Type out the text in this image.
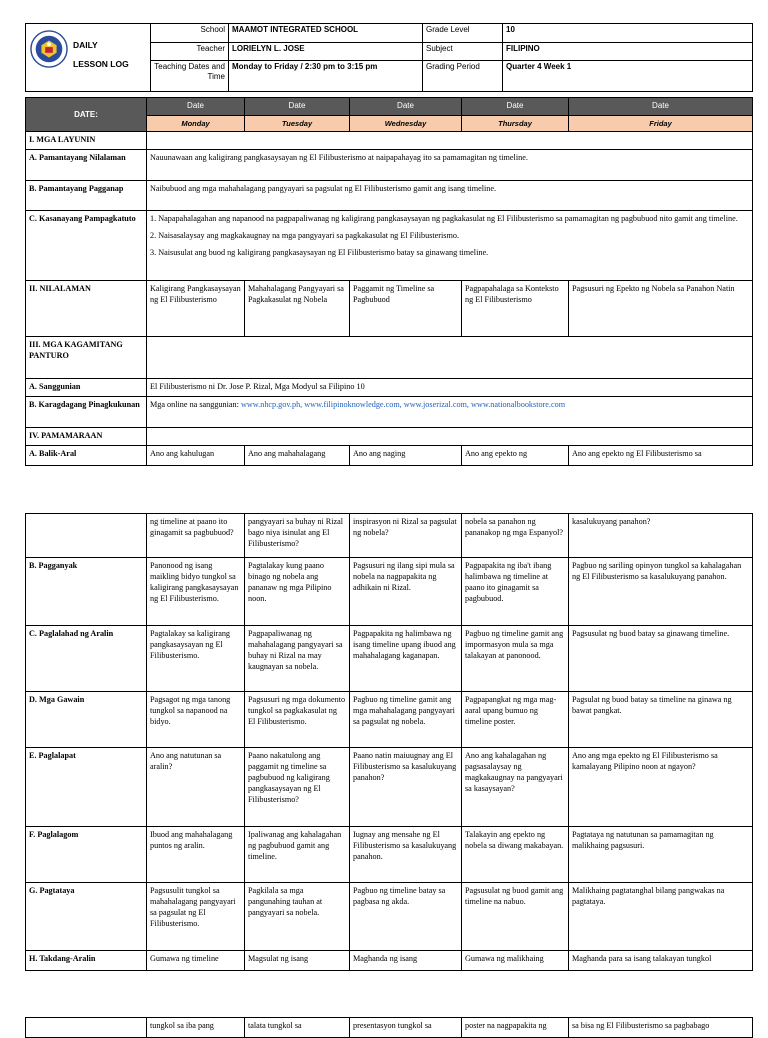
DAILY
LESSON LOG	School	MAAMOT INTEGRATED SCHOOL	Grade Level	10
	Teacher	LORIELYN L. JOSE	Subject	FILIPINO
	Teaching Dates and Time	Monday to Friday / 2:30 pm to 3:15 pm	Grading Period	Quarter 4 Week 1
DATE:	Date	Date	Date	Date	Date
	Monday	Tuesday	Wednesday	Thursday	Friday
I. MGA LAYUNIN					
A. Pamantayang Nilalaman	Nauunawaan ang kaligirang pangkasaysayan ng El Filibusterismo at naipapahayag ito sa pamamagitan ng timeline.				
B. Pamantayang Pagganap	Naibubuod ang mga mahahalagang pangyayari sa pagsulat ng El Filibusterismo gamit ang isang timeline.				
C. Kasanayang Pampagkatuto	1. Napapahalagahan ang napanood na pagpapaliwanag ng kaligirang pangkasaysayan ng pagkakasulat ng El Filibusterismo sa pamamagitan ng pagbubuod nito gamit ang timeline.

2. Naisasalaysay ang magkakaugnay na mga pangyayari sa pagkakasulat ng El Filibusterismo.

3. Naisusulat ang buod ng kaligirang pangkasaysayan ng El Filibusterismo batay sa ginawang timeline.				

II. NILALAMAN	Kaligirang Pangkasaysayan ng El Filibusterismo	Mahahalagang Pangyayari sa Pagkakasulat ng Nobela	Paggamit ng Timeline sa Pagbubuod	Pagpapahalaga sa Konteksto ng El Filibusterismo	Pagsusuri ng Epekto ng Nobela sa Panahon Natin
III. MGA KAGAMITANG PANTURO					
A. Sanggunian	El Filibusterismo ni Dr. Jose P. Rizal, Mga Modyul sa Filipino 10				
B. Karagdagang Pinagkukunan	Mga online na sanggunian: www.nhcp.gov.ph, www.filipinoknowledge.com, www.joserizal.com, www.nationalbookstore.com				
IV. PAMAMARAAN					
A. Balik-Aral	Ano ang kahulugan	Ano ang mahahalagang	Ano ang naging	Ano ang epekto ng	Ano ang epekto ng El Filibusterismo sa
	ng timeline at paano ito ginagamit sa pagbubuod?	pangyayari sa buhay ni Rizal bago niya isinulat ang El Filibusterismo?	inspirasyon ni Rizal sa pagsulat ng nobela?	nobela sa panahon ng pananakop ng mga Espanyol?	kasalukuyang panahon?
B. Pagganyak	Panonood ng isang maikling bidyo tungkol sa kaligirang pangkasaysayan ng El Filibusterismo.	Pagtalakay kung paano binago ng nobela ang pananaw ng mga Pilipino noon.	Pagsusuri ng ilang sipi mula sa nobela na nagpapakita ng adhikain ni Rizal.	Pagpapakita ng iba't ibang halimbawa ng timeline at paano ito ginagamit sa pagbubuod.	Pagbuo ng sariling opinyon tungkol sa kahalagahan ng El Filibusterismo sa kasalukuyang panahon.
C. Paglalahad ng Aralin	Pagtalakay sa kaligirang pangkasaysayan ng El Filibusterismo.	Pagpapaliwanag ng mahahalagang pangyayari sa buhay ni Rizal na may kaugnayan sa nobela.	Pagpapakita ng halimbawa ng isang timeline upang ibuod ang mahahalagang kaganapan.	Pagbuo ng timeline gamit ang impormasyon mula sa mga talakayan at panonood.	Pagsusulat ng buod batay sa ginawang timeline.
D. Mga Gawain	Pagsagot ng mga tanong tungkol sa napanood na bidyo.	Pagsusuri ng mga dokumento tungkol sa pagkakasulat ng El Filibusterismo.	Pagbuo ng timeline gamit ang mga mahahalagang pangyayari sa pagsulat ng nobela.	Pagpapangkat ng mga mag-aaral upang bumuo ng timeline poster.	Pagsulat ng buod batay sa timeline na ginawa ng bawat pangkat.
E. Paglalapat	Ano ang natutunan sa aralin?	Paano nakatulong ang paggamit ng timeline sa pagbubuod ng kaligirang pangkasaysayan ng El Filibusterismo?	Paano natin maiuugnay ang El Filibusterismo sa kasalukuyang panahon?	Ano ang kahalagahan ng pagsasalaysay ng magkakaugnay na pangyayari sa kasaysayan?	Ano ang mga epekto ng El Filibusterismo sa kamalayang Pilipino noon at ngayon?
F. Paglalagom	Ibuod ang mahahalagang puntos ng aralin.	Ipaliwanag ang kahalagahan ng pagbubuod gamit ang timeline.	Iugnay ang mensahe ng El Filibusterismo sa kasalukuyang panahon.	Talakayin ang epekto ng nobela sa diwang makabayan.	Pagtataya ng natutunan sa pamamagitan ng malikhaing pagsusuri.
G. Pagtataya	Pagsusulit tungkol sa mahahalagang pangyayari sa pagsulat ng El Filibusterismo.	Pagkilala sa mga pangunahing tauhan at pangyayari sa nobela.	Pagbuo ng timeline batay sa pagbasa ng akda.	Pagsusulat ng buod gamit ang timeline na nabuo.	Malikhaing pagtatanghal bilang pangwakas na pagtataya.
H. Takdang-Aralin	Gumawa ng timeline	Magsulat ng isang	Maghanda ng isang	Gumawa ng malikhaing	Maghanda para sa isang talakayan tungkol
	tungkol sa iba pang	talata tungkol sa	presentasyon tungkol sa	poster na nagpapakita ng	sa bisa ng El Filibusterismo sa pagbabago
